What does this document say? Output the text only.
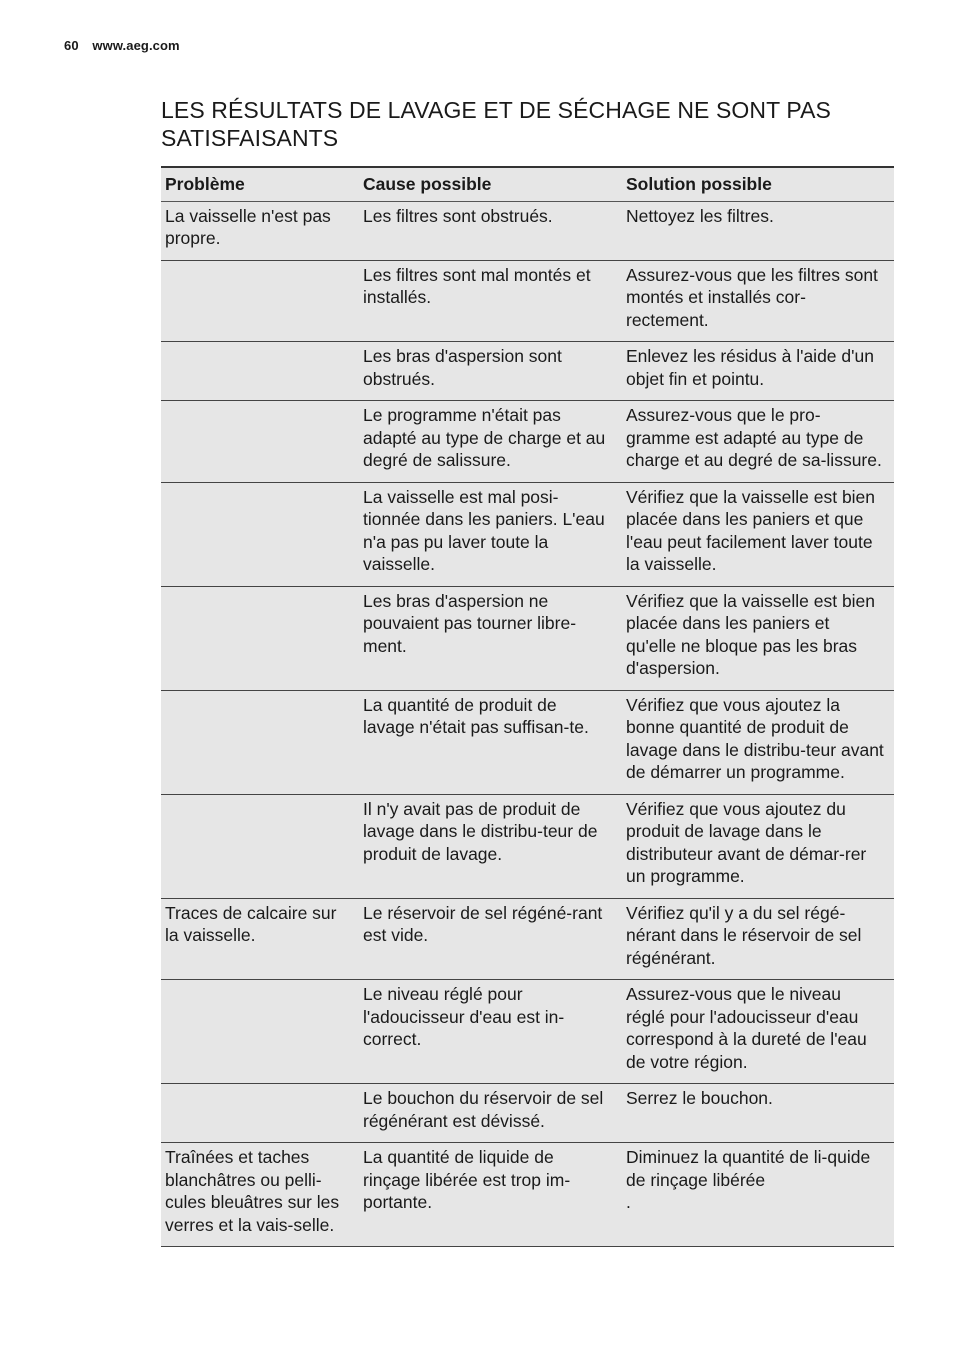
60 www.aeg.com
LES RÉSULTATS DE LAVAGE ET DE SÉCHAGE NE SONT PAS SATISFAISANTS
Problème	Cause possible	Solution possible
La vaisselle n'est pas propre.	Les filtres sont obstrués.	Nettoyez les filtres.
	Les filtres sont mal montés et installés.	Assurez-vous que les filtres sont montés et installés cor-rectement.
	Les bras d'aspersion sont obstrués.	Enlevez les résidus à l'aide d'un objet fin et pointu.
	Le programme n'était pas adapté au type de charge et au degré de salissure.	Assurez-vous que le pro-gramme est adapté au type de charge et au degré de sa-lissure.
	La vaisselle est mal posi-tionnée dans les paniers. L'eau n'a pas pu laver toute la vaisselle.	Vérifiez que la vaisselle est bien placée dans les paniers et que l'eau peut facilement laver toute la vaisselle.
	Les bras d'aspersion ne pouvaient pas tourner libre-ment.	Vérifiez que la vaisselle est bien placée dans les paniers et qu'elle ne bloque pas les bras d'aspersion.
	La quantité de produit de lavage n'était pas suffisan-te.	Vérifiez que vous ajoutez la bonne quantité de produit de lavage dans le distribu-teur avant de démarrer un programme.
	Il n'y avait pas de produit de lavage dans le distribu-teur de produit de lavage.	Vérifiez que vous ajoutez du produit de lavage dans le distributeur avant de démar-rer un programme.
Traces de calcaire sur la vaisselle.	Le réservoir de sel régéné-rant est vide.	Vérifiez qu'il y a du sel régé-nérant dans le réservoir de sel régénérant.
	Le niveau réglé pour l'adoucisseur d'eau est in-correct.	Assurez-vous que le niveau réglé pour l'adoucisseur d'eau correspond à la dureté de l'eau de votre région.
	Le bouchon du réservoir de sel régénérant est dévissé.	Serrez le bouchon.
Traînées et taches blanchâtres ou pelli-cules bleuâtres sur les verres et la vais-selle.	La quantité de liquide de rinçage libérée est trop im-portante.	Diminuez la quantité de li-quide de rinçage libérée
.
